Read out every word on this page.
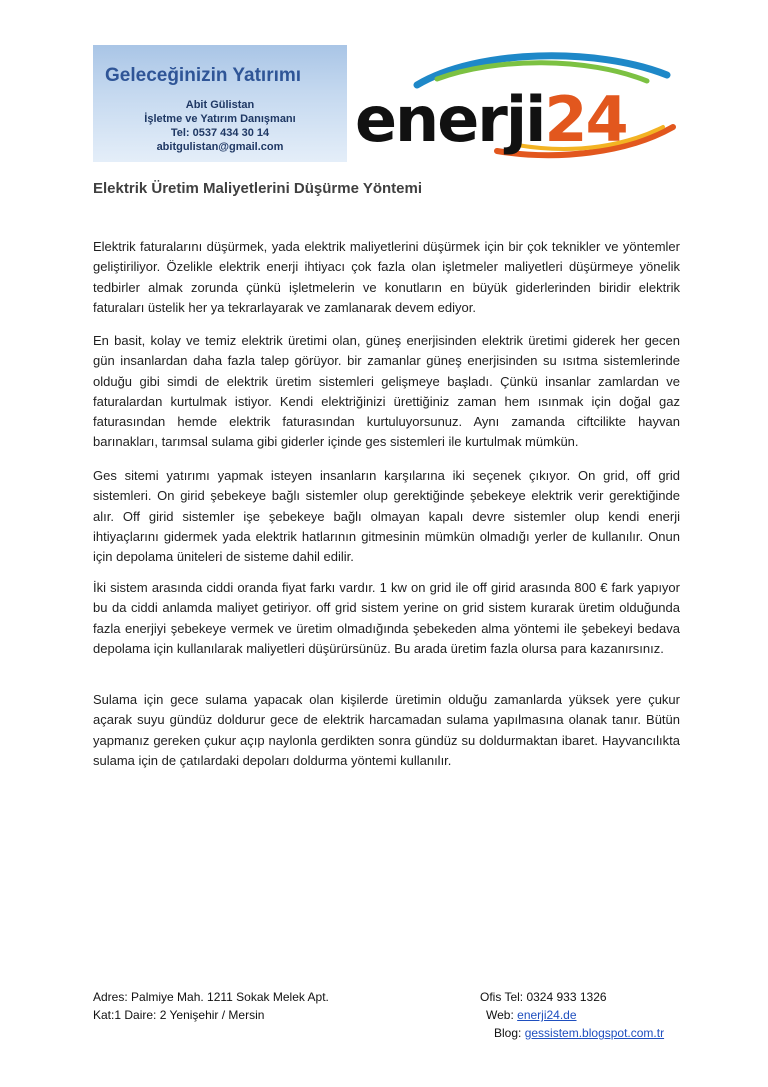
Geleceğinizin Yatırımı
Abit Gülistan
İşletme ve Yatırım Danışmanı
Tel: 0537 434 30 14
abitgulistan@gmail.com	enerji24
Elektrik Üretim Maliyetlerini Düşürme Yöntemi
Elektrik faturalarını düşürmek, yada elektrik maliyetlerini düşürmek için bir çok teknikler ve yöntemler geliştiriliyor. Özelikle elektrik enerji ihtiyacı çok fazla olan işletmeler maliyetleri düşürmeye yönelik tedbirler almak zorunda çünkü işletmelerin ve konutların en büyük giderlerinden biridir elektrik faturaları üstelik her ya tekrarlayarak ve zamlanarak devem ediyor.
En basit, kolay ve temiz elektrik üretimi olan, güneş enerjisinden elektrik üretimi giderek her gecen gün insanlardan daha fazla talep görüyor. bir zamanlar güneş enerjisinden su ısıtma sistemlerinde olduğu gibi simdi de elektrik üretim sistemleri gelişmeye başladı. Çünkü insanlar zamlardan ve faturalardan kurtulmak istiyor. Kendi elektriğinizi ürettiğiniz zaman hem ısınmak için doğal gaz faturasından hemde elektrik faturasından kurtuluyorsunuz. Aynı zamanda ciftcilikte hayvan barınakları, tarımsal sulama gibi giderler içinde ges sistemleri ile kurtulmak mümkün.
Ges sitemi yatırımı yapmak isteyen insanların karşılarına iki seçenek çıkıyor. On grid, off grid sistemleri. On girid şebekeye bağlı sistemler olup gerektiğinde şebekeye elektrik verir gerektiğinde alır. Off girid sistemler işe şebekeye bağlı olmayan kapalı devre sistemler olup kendi enerji ihtiyaçlarını gidermek yada elektrik hatlarının gitmesinin mümkün olmadığı yerler de kullanılır. Onun için depolama üniteleri de sisteme dahil edilir.
İki sistem arasında ciddi oranda fiyat farkı vardır. 1 kw on grid ile off girid arasında 800 € fark yapıyor bu da ciddi anlamda maliyet getiriyor. off grid sistem yerine on grid sistem kurarak üretim olduğunda fazla enerjiyi şebekeye vermek ve üretim olmadığında şebekeden alma yöntemi ile şebekeyi bedava depolama için kullanılarak maliyetleri düşürürsünüz. Bu arada üretim fazla olursa para kazanırsınız.
Sulama için gece sulama yapacak olan kişilerde üretimin olduğu zamanlarda yüksek yere çukur açarak suyu gündüz doldurur gece de elektrik harcamadan sulama yapılmasına olanak tanır. Bütün yapmanız gereken çukur açıp naylonla gerdikten sonra gündüz su doldurmaktan ibaret. Hayvancılıkta sulama için de çatılardaki depoları doldurma yöntemi kullanılır.
Adres: Palmiye Mah. 1211 Sokak Melek Apt.
Kat:1 Daire: 2 Yenişehir / Mersin
Ofis Tel: 0324 933 1326
Web: enerji24.de
Blog: gessistem.blogspot.com.tr
